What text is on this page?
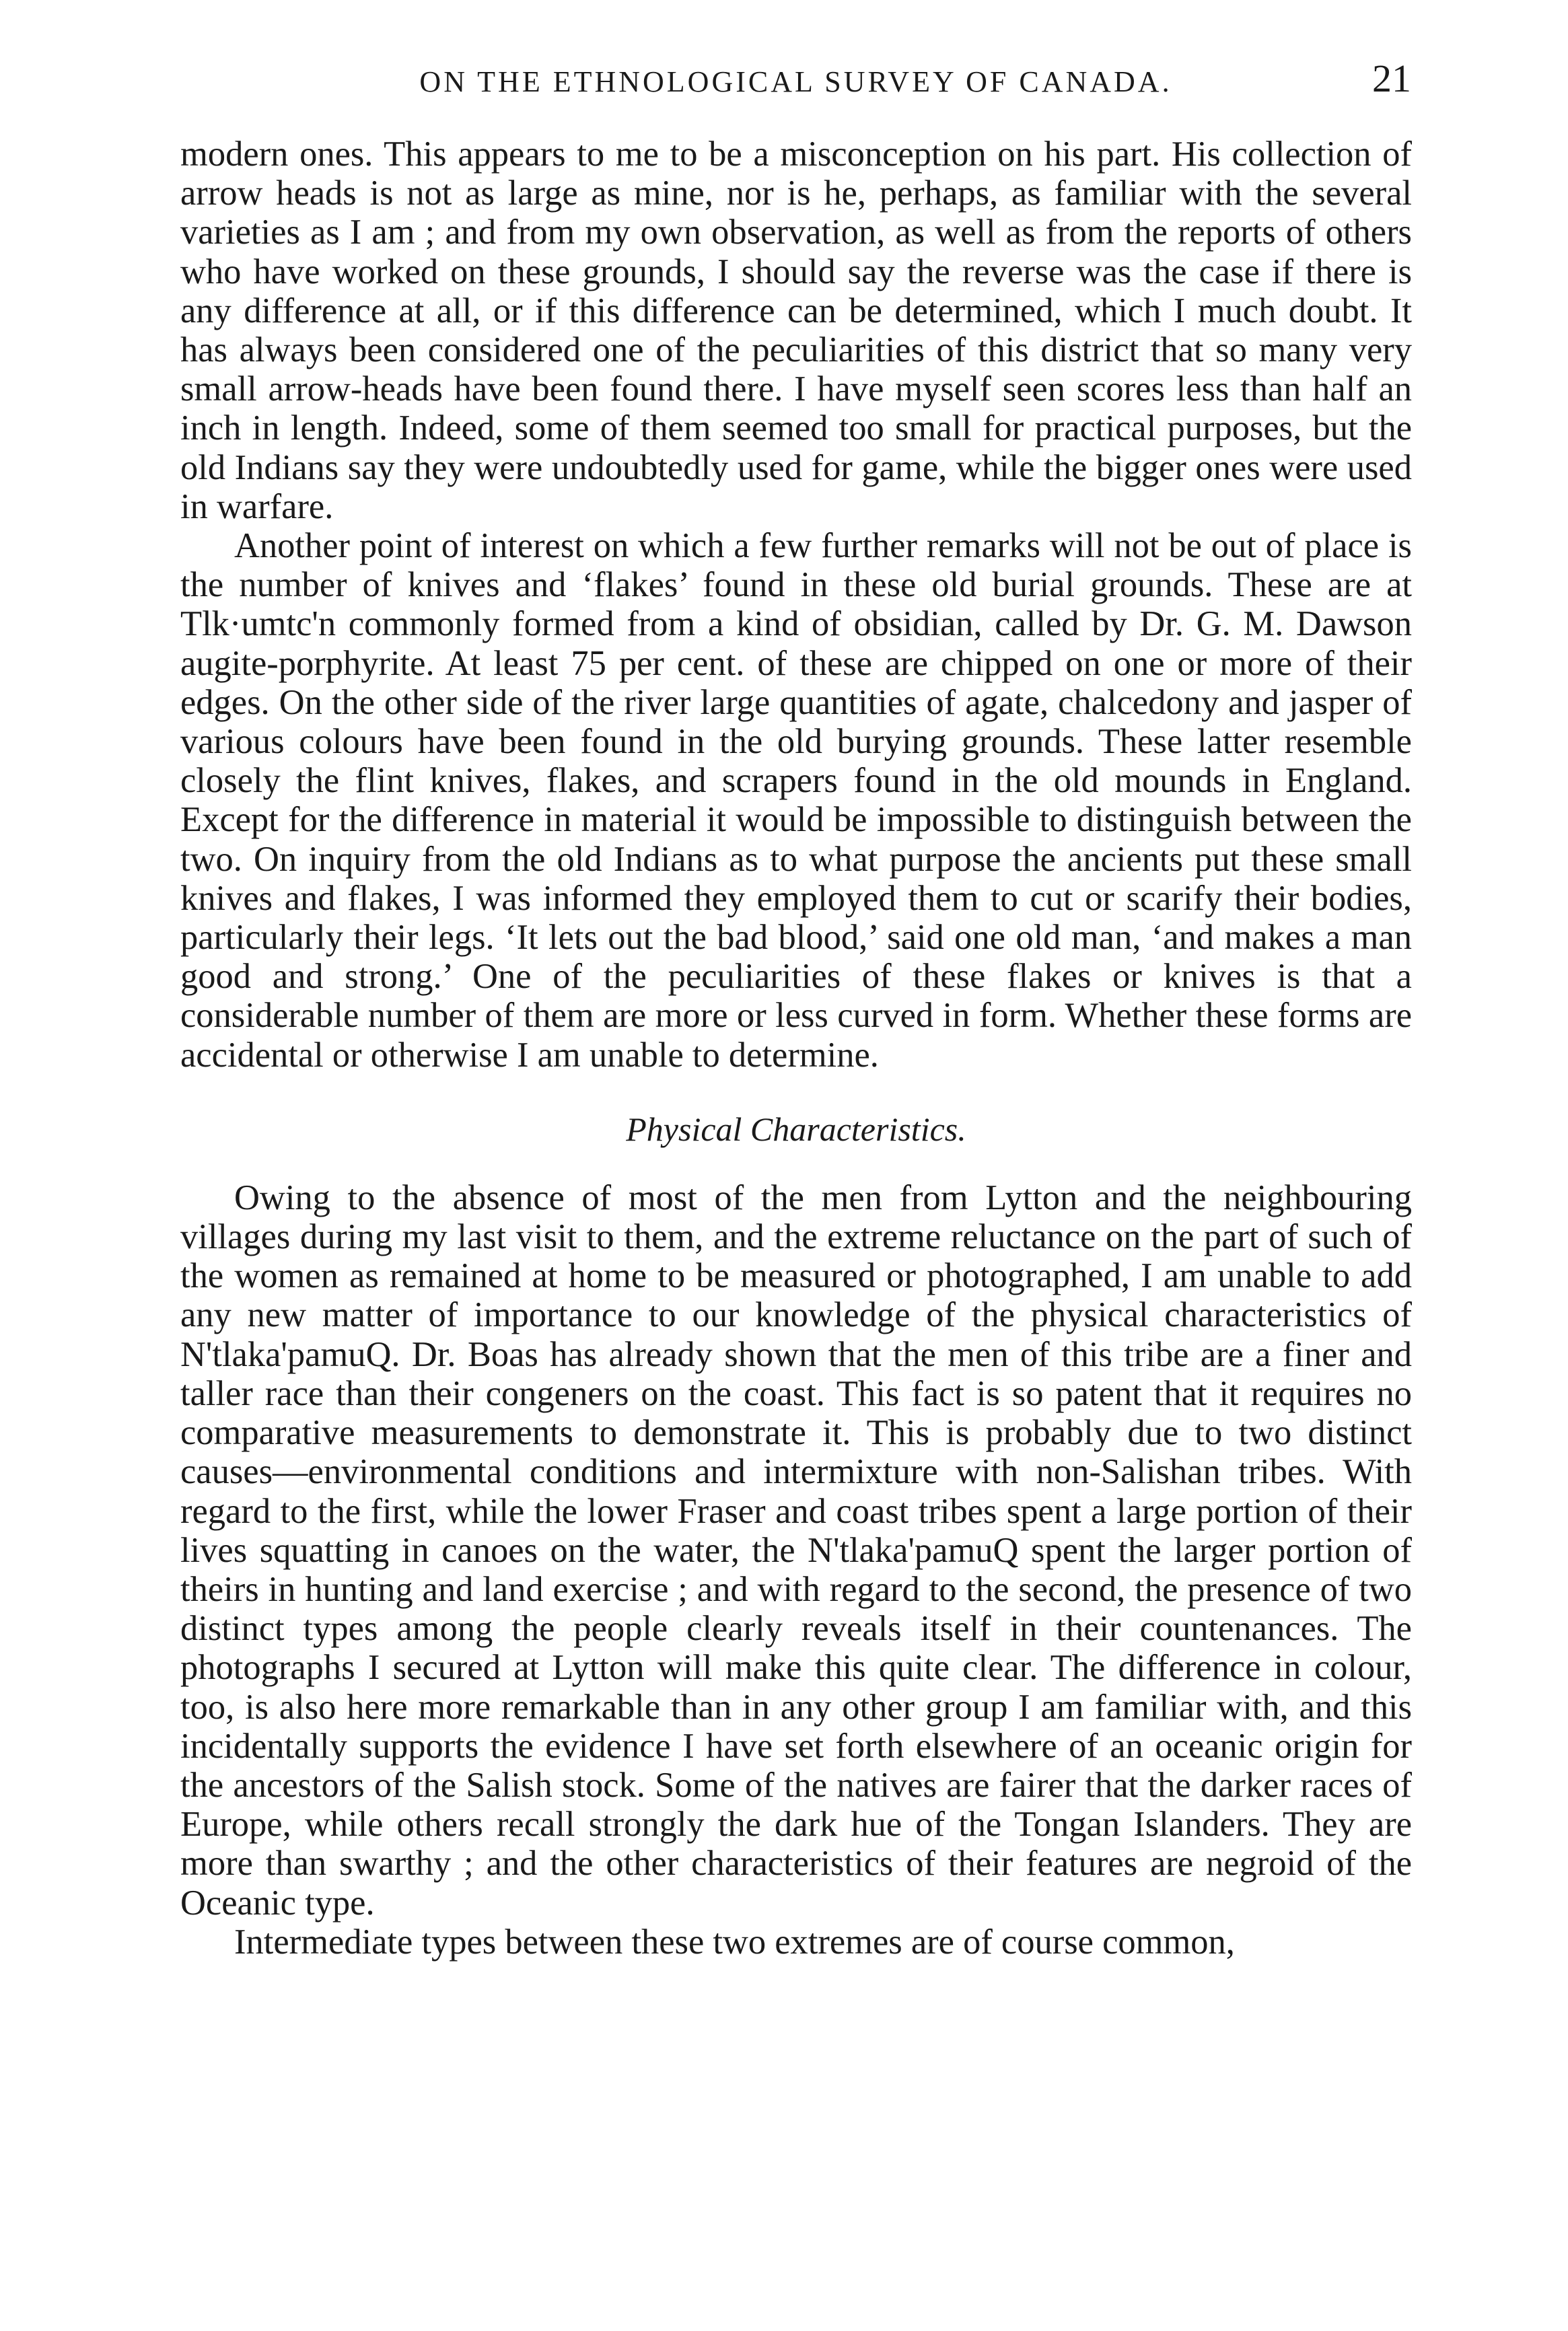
ON THE ETHNOLOGICAL SURVEY OF CANADA.	21

modern ones. This appears to me to be a misconception on his part. His collection of arrow heads is not as large as mine, nor is he, perhaps, as familiar with the several varieties as I am ; and from my own observation, as well as from the reports of others who have worked on these grounds, I should say the reverse was the case if there is any difference at all, or if this difference can be determined, which I much doubt. It has always been considered one of the peculiarities of this district that so many very small arrow-heads have been found there. I have myself seen scores less than half an inch in length. Indeed, some of them seemed too small for practical purposes, but the old Indians say they were undoubtedly used for game, while the bigger ones were used in warfare.

Another point of interest on which a few further remarks will not be out of place is the number of knives and ‘flakes’ found in these old burial grounds. These are at Tlk·umtc'n commonly formed from a kind of obsidian, called by Dr. G. M. Dawson augite-porphyrite. At least 75 per cent. of these are chipped on one or more of their edges. On the other side of the river large quantities of agate, chalcedony and jasper of various colours have been found in the old burying grounds. These latter resemble closely the flint knives, flakes, and scrapers found in the old mounds in England. Except for the difference in material it would be impossible to distinguish between the two. On inquiry from the old Indians as to what purpose the ancients put these small knives and flakes, I was informed they employed them to cut or scarify their bodies, particularly their legs. ‘It lets out the bad blood,’ said one old man, ‘and makes a man good and strong.’ One of the peculiarities of these flakes or knives is that a considerable number of them are more or less curved in form. Whether these forms are accidental or otherwise I am unable to determine.

Physical Characteristics.

Owing to the absence of most of the men from Lytton and the neighbouring villages during my last visit to them, and the extreme reluctance on the part of such of the women as remained at home to be measured or photographed, I am unable to add any new matter of importance to our knowledge of the physical characteristics of N'tlaka'pamuQ. Dr. Boas has already shown that the men of this tribe are a finer and taller race than their congeners on the coast. This fact is so patent that it requires no comparative measurements to demonstrate it. This is probably due to two distinct causes—environmental conditions and intermixture with non-Salishan tribes. With regard to the first, while the lower Fraser and coast tribes spent a large portion of their lives squatting in canoes on the water, the N'tlaka'pamuQ spent the larger portion of theirs in hunting and land exercise ; and with regard to the second, the presence of two distinct types among the people clearly reveals itself in their countenances. The photographs I secured at Lytton will make this quite clear. The difference in colour, too, is also here more remarkable than in any other group I am familiar with, and this incidentally supports the evidence I have set forth elsewhere of an oceanic origin for the ancestors of the Salish stock. Some of the natives are fairer that the darker races of Europe, while others recall strongly the dark hue of the Tongan Islanders. They are more than swarthy ; and the other characteristics of their features are negroid of the Oceanic type.

Intermediate types between these two extremes are of course common,
